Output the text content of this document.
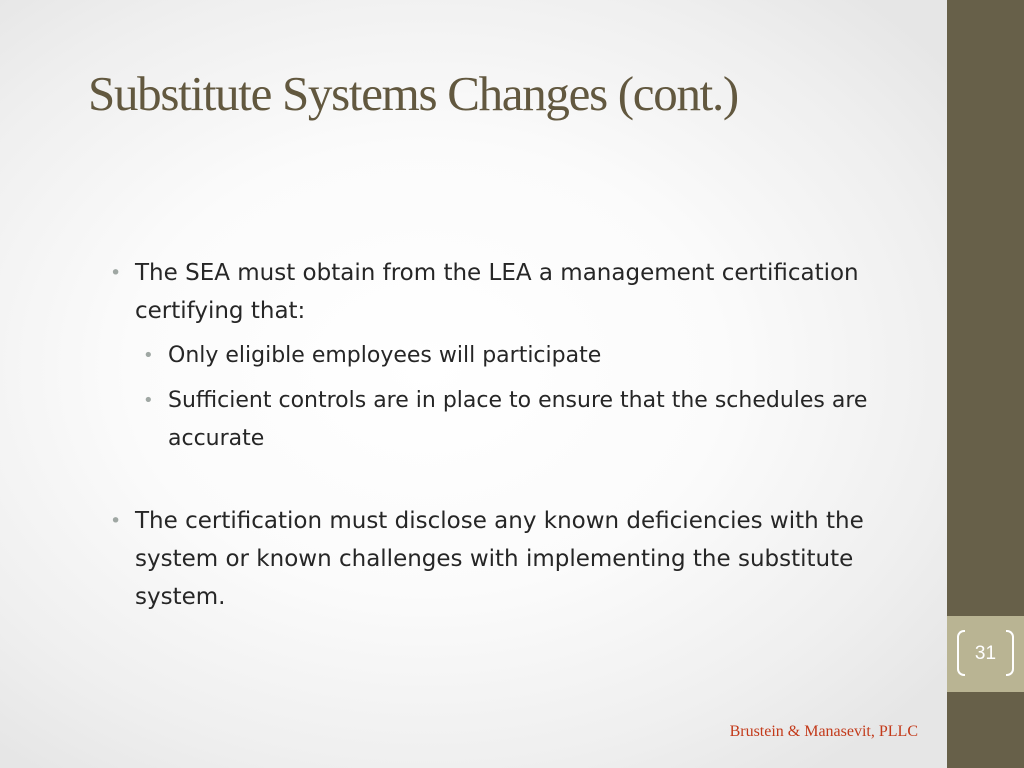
Substitute Systems Changes (cont.)
• The SEA must obtain from the LEA a management certification certifying that:
• Only eligible employees will participate
• Sufficient controls are in place to ensure that the schedules are accurate
• The certification must disclose any known deficiencies with the system or known challenges with implementing the substitute system.
Brustein & Manasevit, PLLC
31
